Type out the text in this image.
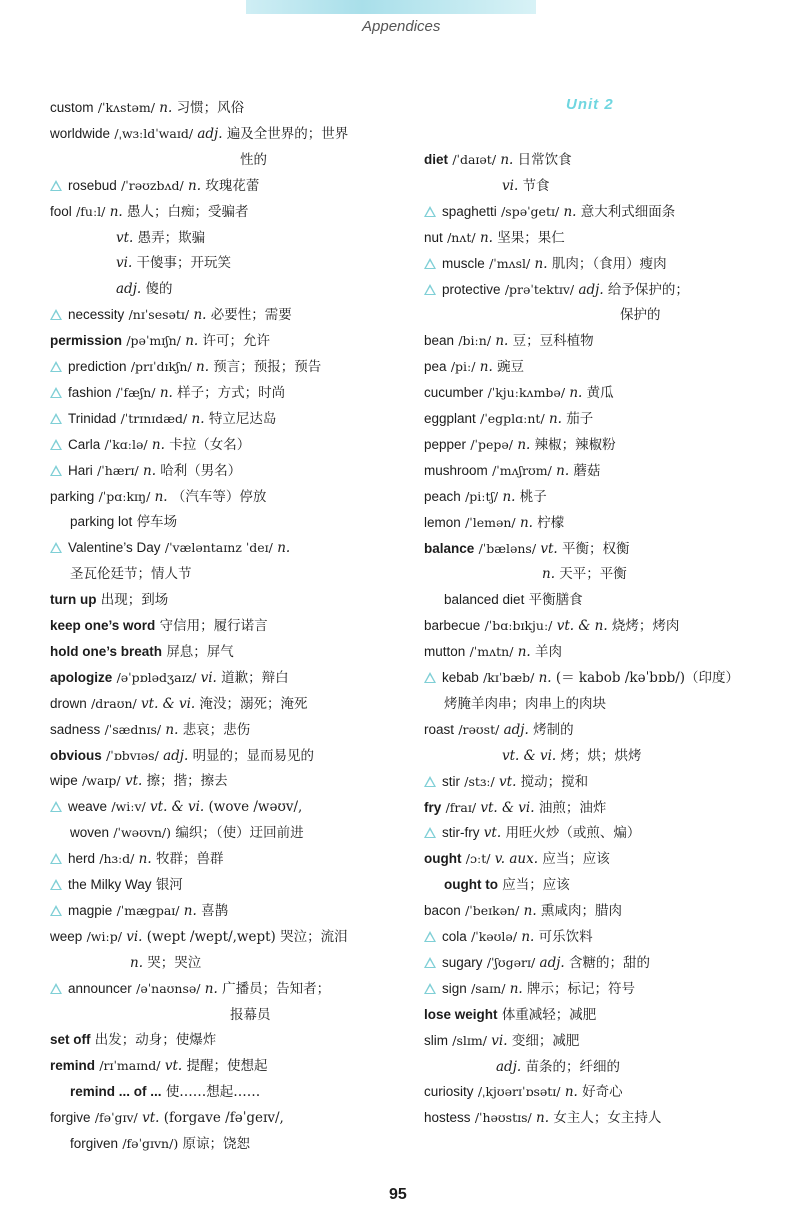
Appendices
Unit 2
custom /ˈkʌstəm/ n. 习惯；风俗
worldwide /ˌwɜːldˈwaɪd/ adj. 遍及全世界的；世界
性的
rosebud /ˈrəʊzbʌd/ n. 玫瑰花蕾
fool /fuːl/ n. 愚人；白痴；受骗者
vt. 愚弄；欺骗
vi. 干傻事；开玩笑
adj. 傻的
necessity /nɪˈsesətɪ/ n. 必要性；需要
permission /pəˈmɪʃn/ n. 许可；允许
prediction /prɪˈdɪkʃn/ n. 预言；预报；预告
fashion /ˈfæʃn/ n. 样子；方式；时尚
Trinidad /ˈtrɪnɪdæd/ n. 特立尼达岛
Carla /ˈkɑːlə/ n. 卡拉（女名）
Hari /ˈhærɪ/ n. 哈利（男名）
parking /ˈpɑːkɪŋ/ n. （汽车等）停放
parking lot 停车场
Valentine’s Day /ˈvæləntaɪnz ˈdeɪ/ n.
圣瓦伦廷节；情人节
turn up 出现；到场
keep one’s word 守信用；履行诺言
hold one’s breath 屏息；屏气
apologize /əˈpɒlədʒaɪz/ vi. 道歉；辩白
drown /draʊn/ vt. & vi. 淹没；溺死；淹死
sadness /ˈsædnɪs/ n. 悲哀；悲伤
obvious /ˈɒbvɪəs/ adj. 明显的；显而易见的
wipe /waɪp/ vt. 擦；揩；擦去
weave /wiːv/ vt. & vi. (wove /wəʊv/,
woven /ˈwəʊvn/) 编织；（使）迂回前进
herd /hɜːd/ n. 牧群；兽群
the Milky Way 银河
magpie /ˈmægpaɪ/ n. 喜鹊
weep /wiːp/ vi. (wept /wept/,wept) 哭泣；流泪
n. 哭；哭泣
announcer /əˈnaʊnsə/ n. 广播员；告知者；
报幕员
set off 出发；动身；使爆炸
remind /rɪˈmaɪnd/ vt. 提醒；使想起
remind ... of ... 使……想起……
forgive /fəˈgɪv/ vt. (forgave /fəˈgeɪv/,
forgiven /fəˈgɪvn/) 原谅；饶恕
diet /ˈdaɪət/ n. 日常饮食
vi. 节食
spaghetti /spəˈgetɪ/ n. 意大利式细面条
nut /nʌt/ n. 坚果；果仁
muscle /ˈmʌsl/ n. 肌肉；（食用）瘦肉
protective /prəˈtektɪv/ adj. 给予保护的；
保护的
bean /biːn/ n. 豆；豆科植物
pea /piː/ n. 豌豆
cucumber /ˈkjuːkʌmbə/ n. 黄瓜
eggplant /ˈegplɑːnt/ n. 茄子
pepper /ˈpepə/ n. 辣椒；辣椒粉
mushroom /ˈmʌʃrʊm/ n. 蘑菇
peach /piːtʃ/ n. 桃子
lemon /ˈlemən/ n. 柠檬
balance /ˈbæləns/ vt. 平衡；权衡
n. 天平；平衡
balanced diet 平衡膳食
barbecue /ˈbɑːbɪkjuː/ vt. & n. 烧烤；烤肉
mutton /ˈmʌtn/ n. 羊肉
kebab /kɪˈbæb/ n. (＝ kabob /kəˈbɒb/)（印度）
烤腌羊肉串；肉串上的肉块
roast /rəʊst/ adj. 烤制的
vt. & vi. 烤；烘；烘烤
stir /stɜː/ vt. 搅动；搅和
fry /fraɪ/ vt. & vi. 油煎；油炸
stir-fry vt. 用旺火炒（或煎、煸）
ought /ɔːt/ v. aux. 应当；应该
ought to 应当；应该
bacon /ˈbeɪkən/ n. 熏咸肉；腊肉
cola /ˈkəʊlə/ n. 可乐饮料
sugary /ˈʃʊgərɪ/ adj. 含糖的；甜的
sign /saɪn/ n. 牌示；标记；符号
lose weight 体重减轻；减肥
slim /slɪm/ vi. 变细；减肥
adj. 苗条的；纤细的
curiosity /ˌkjʊərɪˈɒsətɪ/ n. 好奇心
hostess /ˈhəʊstɪs/ n. 女主人；女主持人
95
